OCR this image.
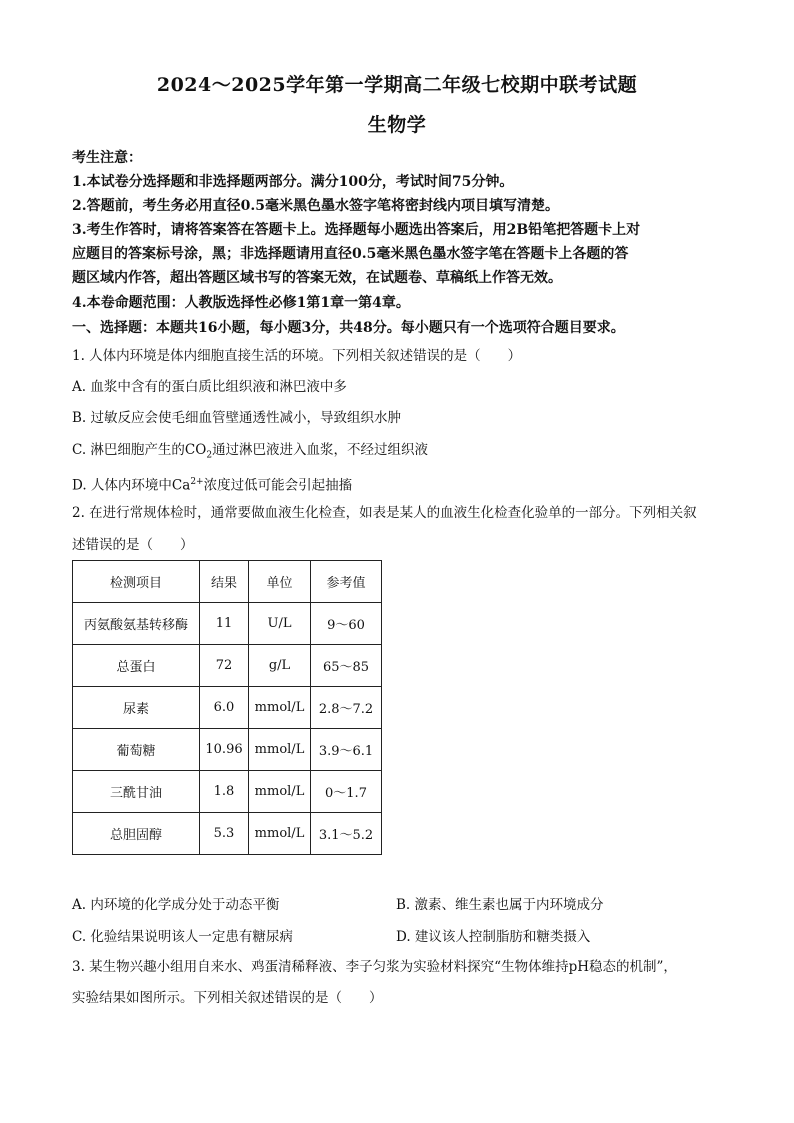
2024～2025学年第一学期高二年级七校期中联考试题
生物学
考生注意：
1.本试卷分选择题和非选择题两部分。满分100分，考试时间75分钟。
2.答题前，考生务必用直径0.5毫米黑色墨水签字笔将密封线内项目填写清楚。
3.考生作答时，请将答案答在答题卡上。选择题每小题选出答案后，用2B铅笔把答题卡上对
应题目的答案标号涂，黑；非选择题请用直径0.5毫米黑色墨水签字笔在答题卡上各题的答
题区域内作答，超出答题区域书写的答案无效，在试题卷、草稿纸上作答无效。
4.本卷命题范围：人教版选择性必修1第1章一第4章。
一、选择题：本题共16小题，每小题3分，共48分。每小题只有一个选项符合题目要求。
1. 人体内环境是体内细胞直接生活的环境。下列相关叙述错误的是（　　）
A. 血浆中含有的蛋白质比组织液和淋巴液中多
B. 过敏反应会使毛细血管壁通透性减小，导致组织水肿
C. 淋巴细胞产生的$CO_2$通过淋巴液进入血浆，不经过组织液
D. 人体内环境中$Ca^{2+}$浓度过低可能会引起抽搐
2. 在进行常规体检时，通常要做血液生化检查，如表是某人的血液生化检查化验单的一部分。下列相关叙
述错误的是（　　）
检测项目	结果	单位	参考值
丙氨酸氨基转移酶	11	U/L	9～60
总蛋白	72	g/L	65～85
尿素	6.0	mmol/L	2.8～7.2
葡萄糖	10.96	mmol/L	3.9～6.1
三酰甘油	1.8	mmol/L	0～1.7
总胆固醇	5.3	mmol/L	3.1～5.2
A. 内环境的化学成分处于动态平衡	B. 激素、维生素也属于内环境成分
C. 化验结果说明该人一定患有糖尿病	D. 建议该人控制脂肪和糖类摄入
3. 某生物兴趣小组用自来水、鸡蛋清稀释液、李子匀浆为实验材料探究“生物体维持pH稳态的机制”，
实验结果如图所示。下列相关叙述错误的是（　　）
